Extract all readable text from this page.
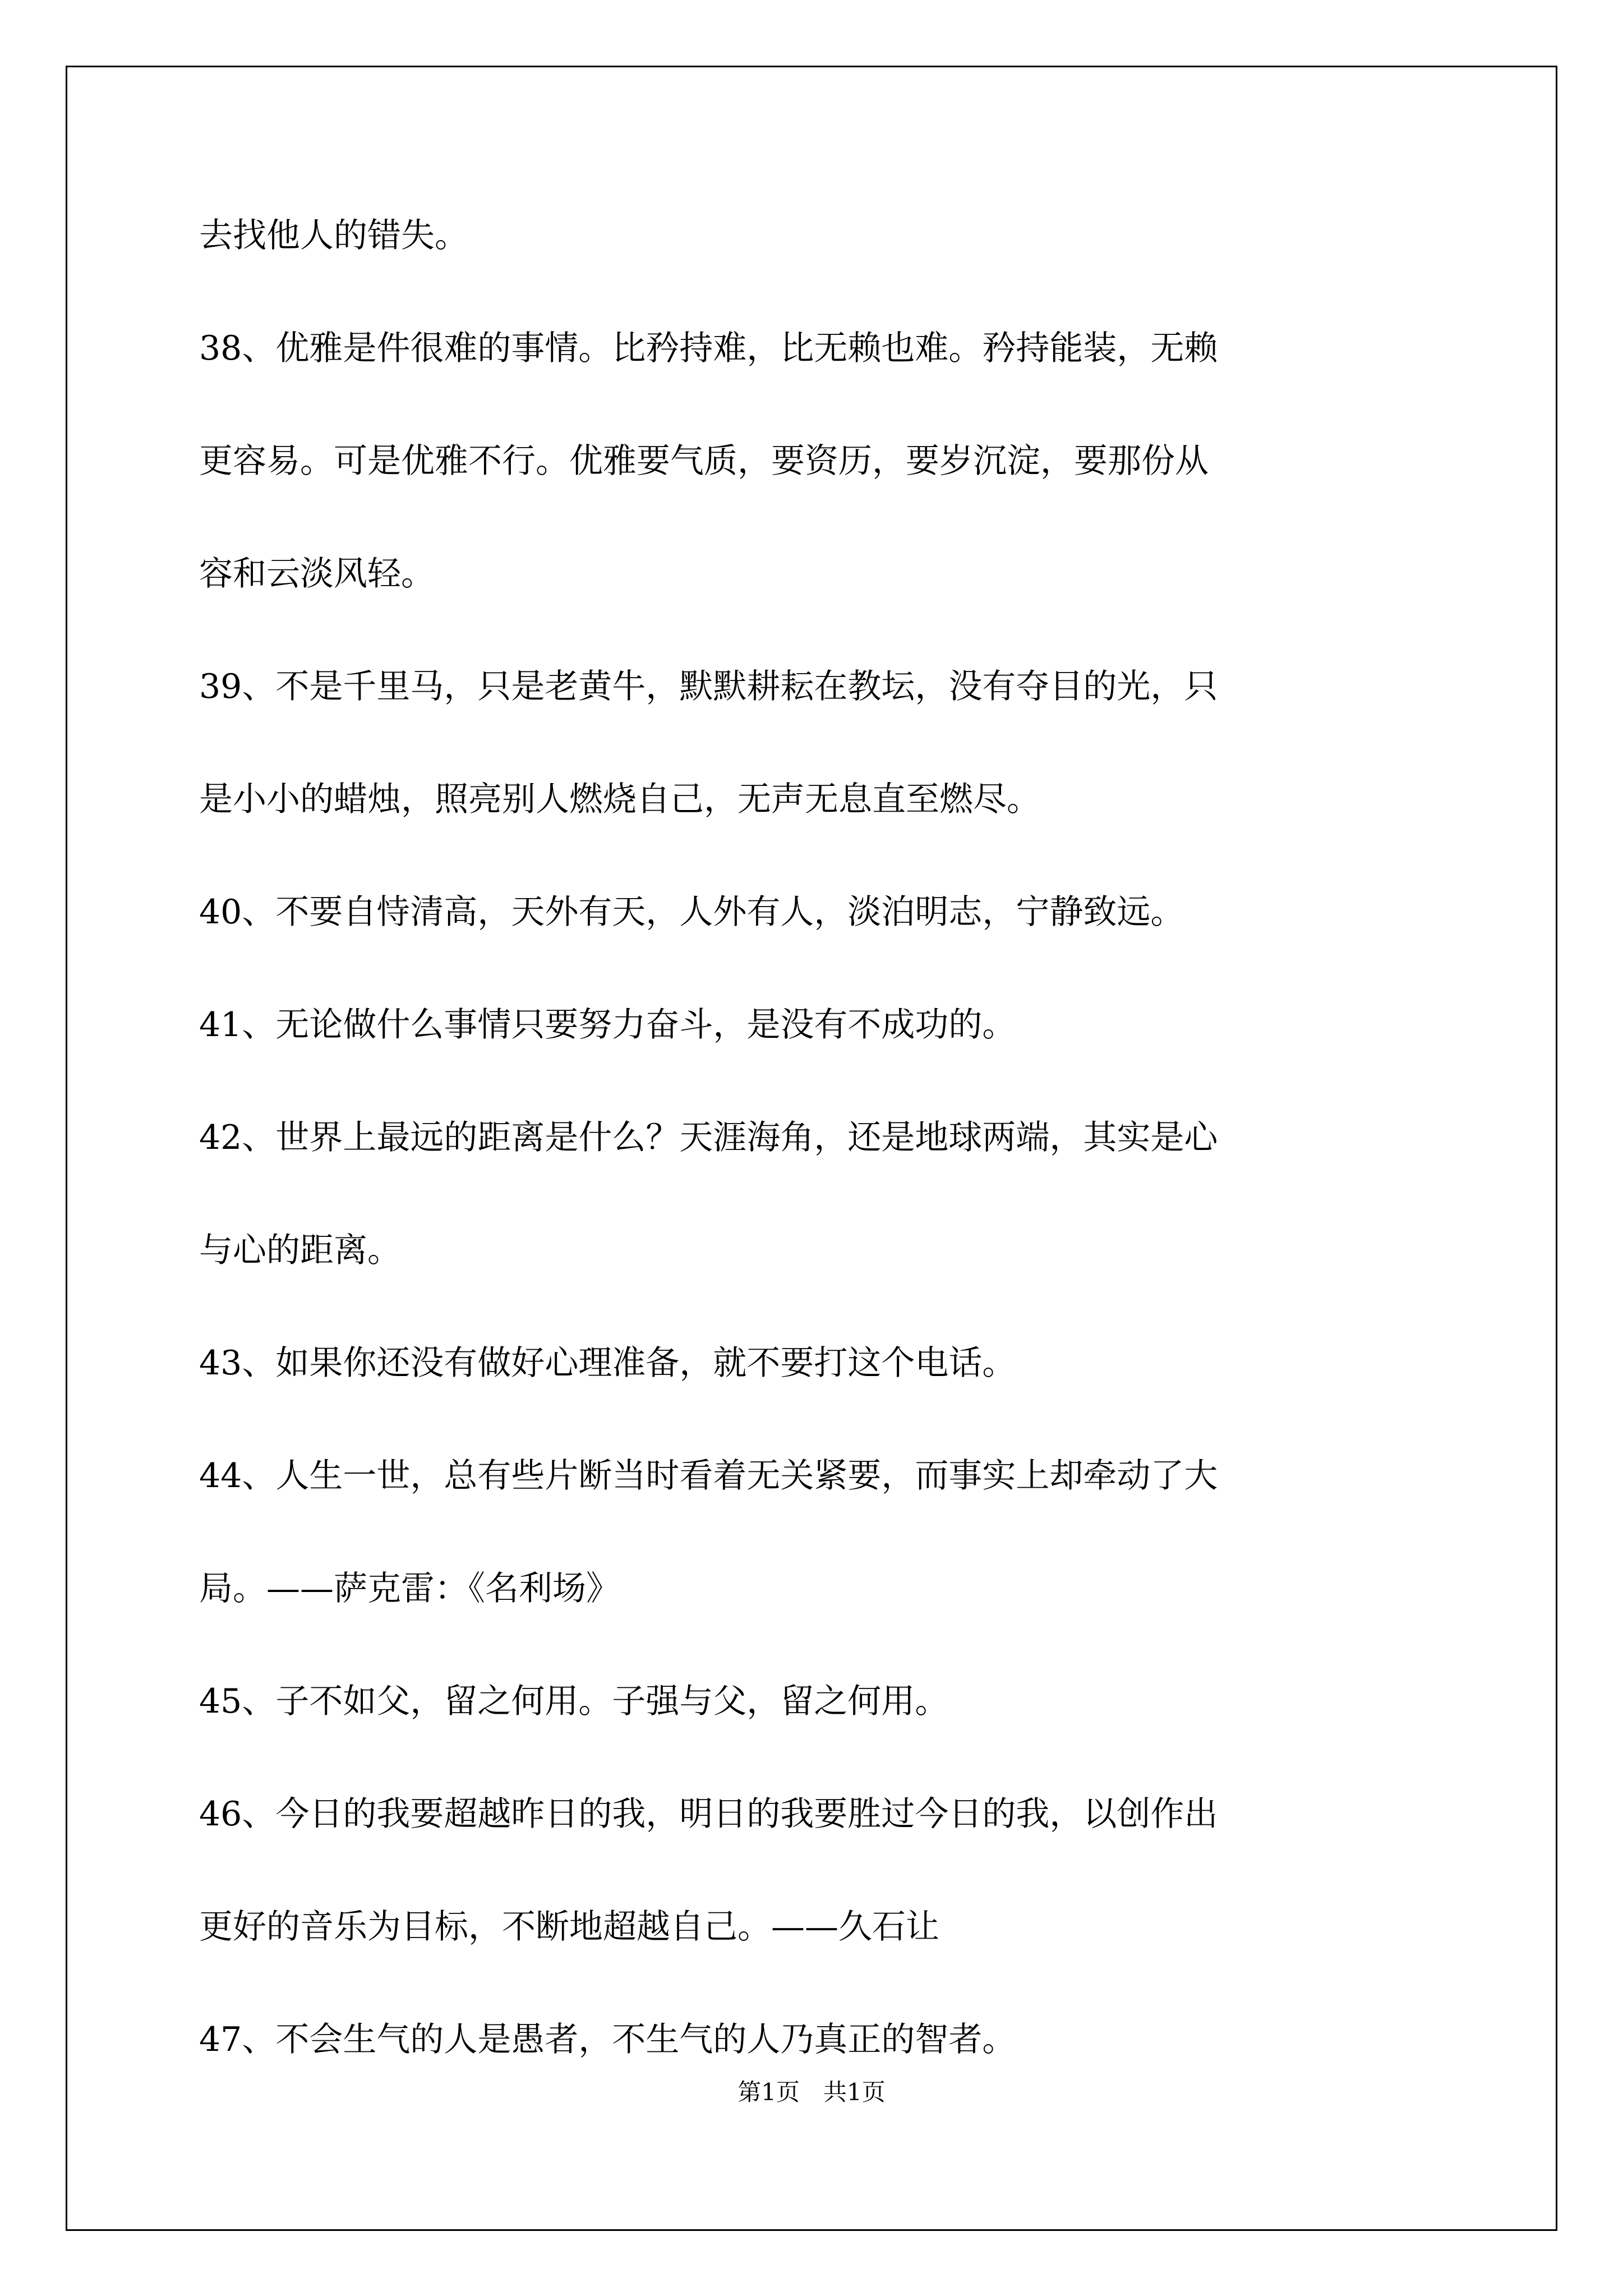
去找他人的错失。
38、优雅是件很难的事情。比矜持难，比无赖也难。矜持能装，无赖
更容易。可是优雅不行。优雅要气质，要资历，要岁沉淀，要那份从
容和云淡风轻。
39、不是千里马，只是老黄牛，默默耕耘在教坛，没有夺目的光，只
是小小的蜡烛，照亮别人燃烧自己，无声无息直至燃尽。
40、不要自恃清高，天外有天，人外有人，淡泊明志，宁静致远。
41、无论做什么事情只要努力奋斗，是没有不成功的。
42、世界上最远的距离是什么？天涯海角，还是地球两端，其实是心
与心的距离。
43、如果你还没有做好心理准备，就不要打这个电话。
44、人生一世，总有些片断当时看着无关紧要，而事实上却牵动了大
局。——萨克雷：《名利场》
45、子不如父，留之何用。子强与父，留之何用。
46、今日的我要超越昨日的我，明日的我要胜过今日的我，以创作出
更好的音乐为目标，不断地超越自己。——久石让
47、不会生气的人是愚者，不生气的人乃真正的智者。
第1页　共1页
